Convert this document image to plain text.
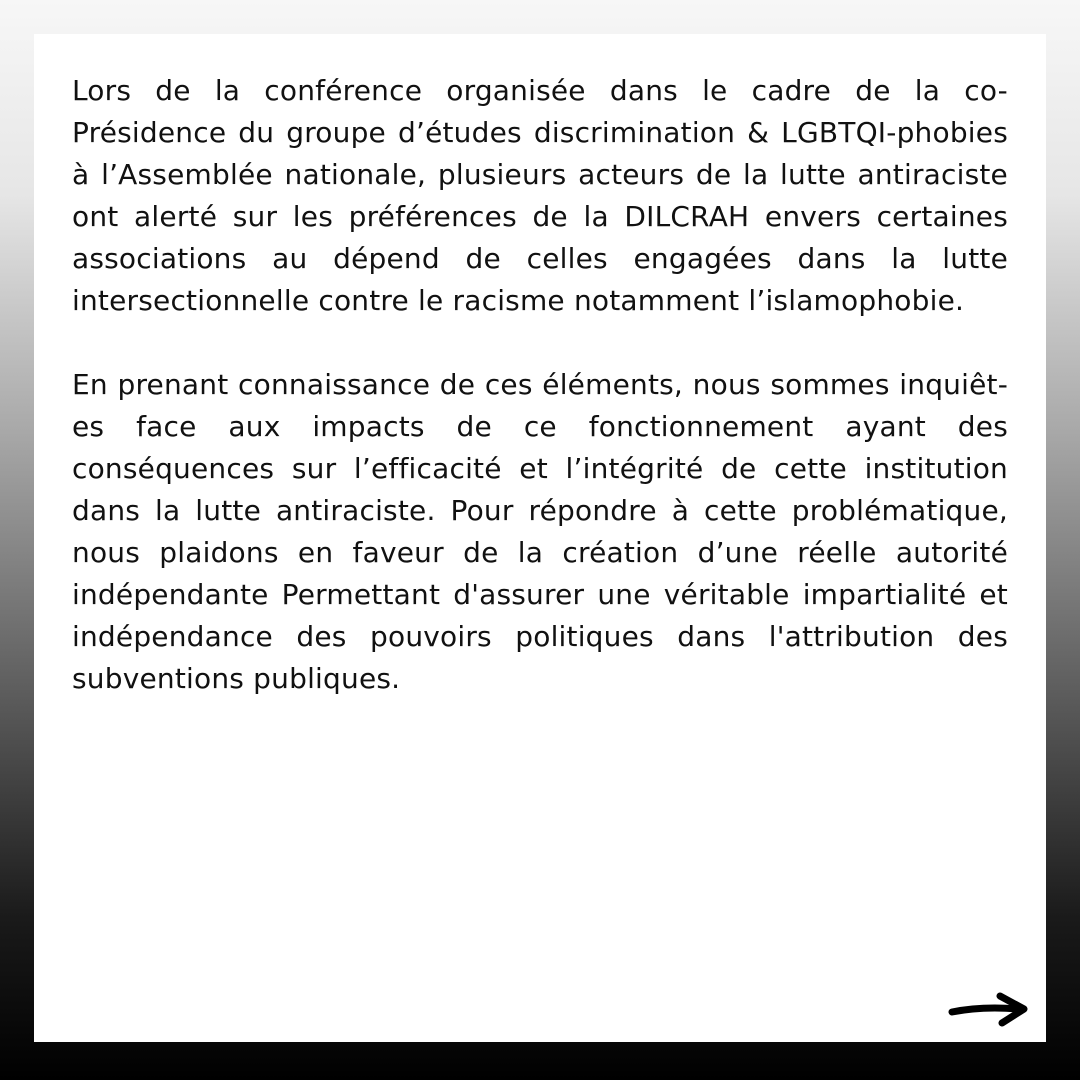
Lors de la conférence organisée dans le cadre de la co-Présidence du groupe d’études discrimination & LGBTQI-phobies à l’Assemblée nationale, plusieurs acteurs de la lutte antiraciste ont alerté sur les préférences de la DILCRAH envers certaines associations au dépend de celles engagées dans la lutte intersectionnelle contre le racisme notamment l’islamophobie.

En prenant connaissance de ces éléments, nous sommes inquiêt-es face aux impacts de ce fonctionnement ayant des conséquences sur l’efficacité et l’intégrité de cette institution dans la lutte antiraciste. Pour répondre à cette problématique, nous plaidons en faveur de la création d’une réelle autorité indépendante Permettant d'assurer une véritable impartialité et indépendance des pouvoirs politiques dans l'attribution des subventions publiques.
